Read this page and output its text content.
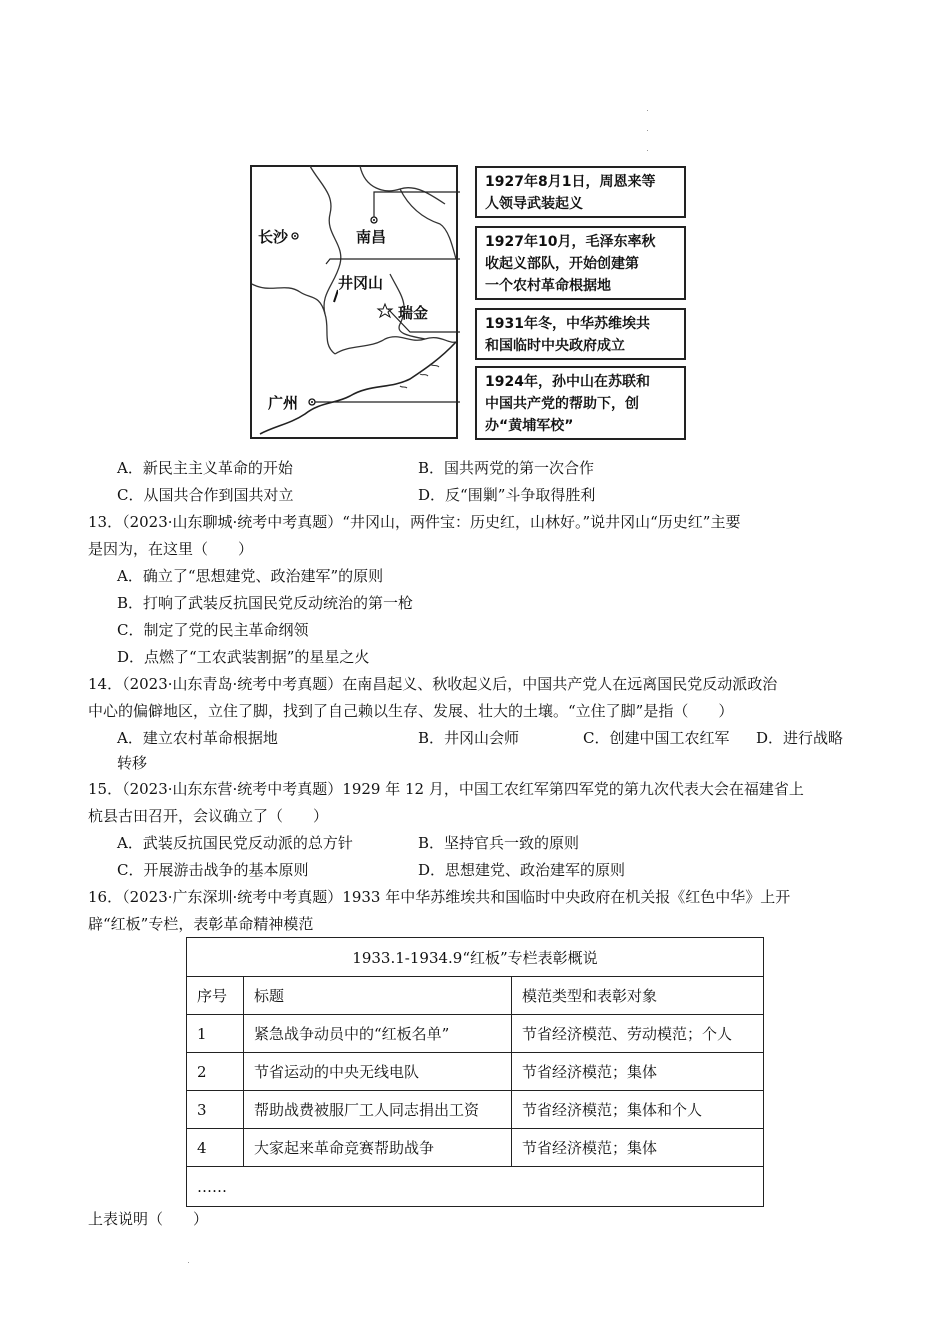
长沙	南昌
井冈山
瑞金
广州
1927年8月1日，周恩来等
人领导武装起义
1927年10月，毛泽东率秋
收起义部队，开始创建第
一个农村革命根据地
1931年冬，中华苏维埃共
和国临时中央政府成立
1924年，孙中山在苏联和
中国共产党的帮助下，创
办“黄埔军校”
A．新民主主义革命的开始	B．国共两党的第一次合作
C．从国共合作到国共对立	D．反“围剿”斗争取得胜利
13．（2023·山东聊城·统考中考真题）“井冈山，两件宝：历史红，山林好。”说井冈山“历史红”主要
是因为，在这里（　　）
A．确立了“思想建党、政治建军”的原则
B．打响了武装反抗国民党反动统治的第一枪
C．制定了党的民主革命纲领
D．点燃了“工农武装割据”的星星之火
14．（2023·山东青岛·统考中考真题）在南昌起义、秋收起义后，中国共产党人在远离国民党反动派政治
中心的偏僻地区，立住了脚，找到了自己赖以生存、发展、壮大的土壤。“立住了脚”是指（　　）
A．建立农村革命根据地	B．井冈山会师	C．创建中国工农红军 D．进行战略
转移
15．（2023·山东东营·统考中考真题）1929 年 12 月，中国工农红军第四军党的第九次代表大会在福建省上
杭县古田召开，会议确立了（　　）
A．武装反抗国民党反动派的总方针	B．坚持官兵一致的原则
C．开展游击战争的基本原则	D．思想建党、政治建军的原则
16．（2023·广东深圳·统考中考真题）1933 年中华苏维埃共和国临时中央政府在机关报《红色中华》上开
辟“红板”专栏，表彰革命精神模范
1933.1-1934.9“红板”专栏表彰概说		
序号	标题	模范类型和表彰对象
1	紧急战争动员中的“红板名单”	节省经济模范、劳动模范；个人
2	节省运动的中央无线电队	节省经济模范；集体
3	帮助战费被服厂工人同志捐出工资	节省经济模范；集体和个人
4	大家起来革命竞赛帮助战争	节省经济模范；集体
……		
上表说明（　　）
